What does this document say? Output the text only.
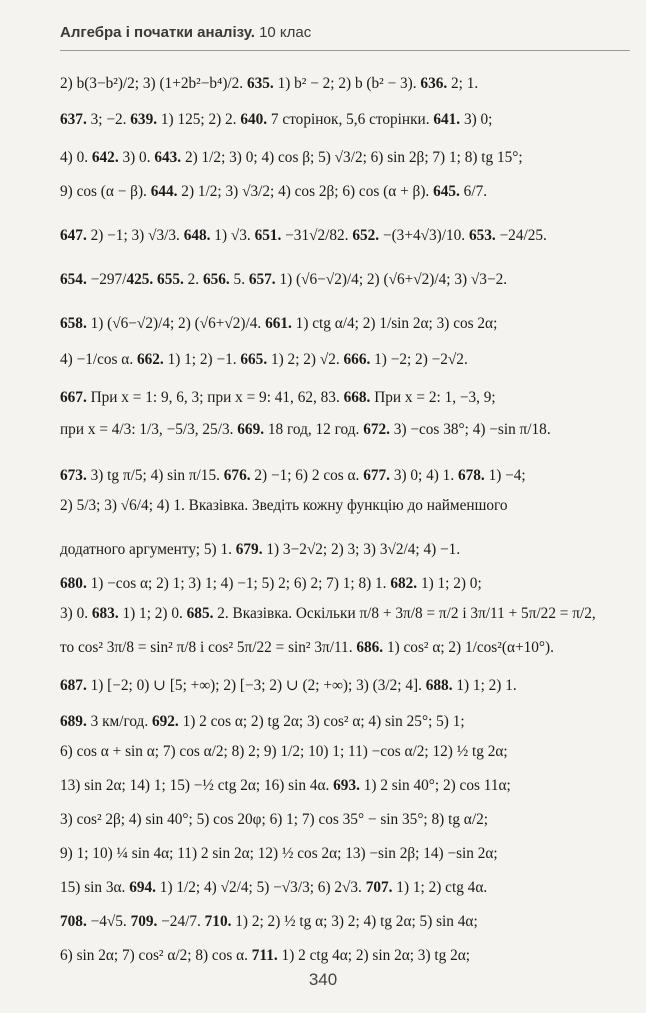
Алгебра і початки аналізу. 10 клас
2) b(3−b²)/2; 3) (1+2b²−b⁴)/2. 635. 1) b² − 2; 2) b (b² − 3). 636. 2; 1.
637. 3; −2. 639. 1) 125; 2) 2. 640. 7 сторінок, 5,6 сторінки. 641. 3) 0;
4) 0. 642. 3) 0. 643. 2) 1/2; 3) 0; 4) cos β; 5) √3/2; 6) sin 2β; 7) 1; 8) tg 15°;
9) cos (α − β). 644. 2) 1/2; 3) √3/2; 4) cos 2β; 6) cos (α + β). 645. 6/7.
647. 2) −1; 3) √3/3. 648. 1) √3. 651. −31√2/82. 652. −(3+4√3)/10. 653. −24/25.
654. −297/425. 655. 2. 656. 5. 657. 1) (√6−√2)/4; 2) (√6+√2)/4; 3) √3−2.
658. 1) (√6−√2)/4; 2) (√6+√2)/4. 661. 1) ctg α/4; 2) 1/sin 2α; 3) cos 2α;
4) −1/cos α. 662. 1) 1; 2) −1. 665. 1) 2; 2) √2. 666. 1) −2; 2) −2√2.
667. При x = 1: 9, 6, 3; при x = 9: 41, 62, 83. 668. При x = 2: 1, −3, 9;
при x = 4/3: 1/3, −5/3, 25/3. 669. 18 год, 12 год. 672. 3) −cos 38°; 4) −sin π/18.
673. 3) tg π/5; 4) sin π/15. 676. 2) −1; 6) 2 cos α. 677. 3) 0; 4) 1. 678. 1) −4;
2) 5/3; 3) √6/4; 4) 1. Вказівка. Зведіть кожну функцію до найменшого
додатного аргументу; 5) 1. 679. 1) 3−2√2; 2) 3; 3) 3√2/4; 4) −1.
680. 1) −cos α; 2) 1; 3) 1; 4) −1; 5) 2; 6) 2; 7) 1; 8) 1. 682. 1) 1; 2) 0;
3) 0. 683. 1) 1; 2) 0. 685. 2. Вказівка. Оскільки π/8 + 3π/8 = π/2 і 3π/11 + 5π/22 = π/2,
то cos² 3π/8 = sin² π/8 і cos² 5π/22 = sin² 3π/11. 686. 1) cos² α; 2) 1/cos²(α+10°).
687. 1) [−2; 0) ∪ [5; +∞); 2) [−3; 2) ∪ (2; +∞); 3) (3/2; 4]. 688. 1) 1; 2) 1.
689. 3 км/год. 692. 1) 2 cos α; 2) tg 2α; 3) cos² α; 4) sin 25°; 5) 1;
6) cos α + sin α; 7) cos α/2; 8) 2; 9) 1/2; 10) 1; 11) −cos α/2; 12) ½ tg 2α;
13) sin 2α; 14) 1; 15) −½ ctg 2α; 16) sin 4α. 693. 1) 2 sin 40°; 2) cos 11α;
3) cos² 2β; 4) sin 40°; 5) cos 20φ; 6) 1; 7) cos 35° − sin 35°; 8) tg α/2;
9) 1; 10) ¼ sin 4α; 11) 2 sin 2α; 12) ½ cos 2α; 13) −sin 2β; 14) −sin 2α;
15) sin 3α. 694. 1) 1/2; 4) √2/4; 5) −√3/3; 6) 2√3. 707. 1) 1; 2) ctg 4α.
708. −4√5. 709. −24/7. 710. 1) 2; 2) ½ tg α; 3) 2; 4) tg 2α; 5) sin 4α;
6) sin 2α; 7) cos² α/2; 8) cos α. 711. 1) 2 ctg 4α; 2) sin 2α; 3) tg 2α;
340
